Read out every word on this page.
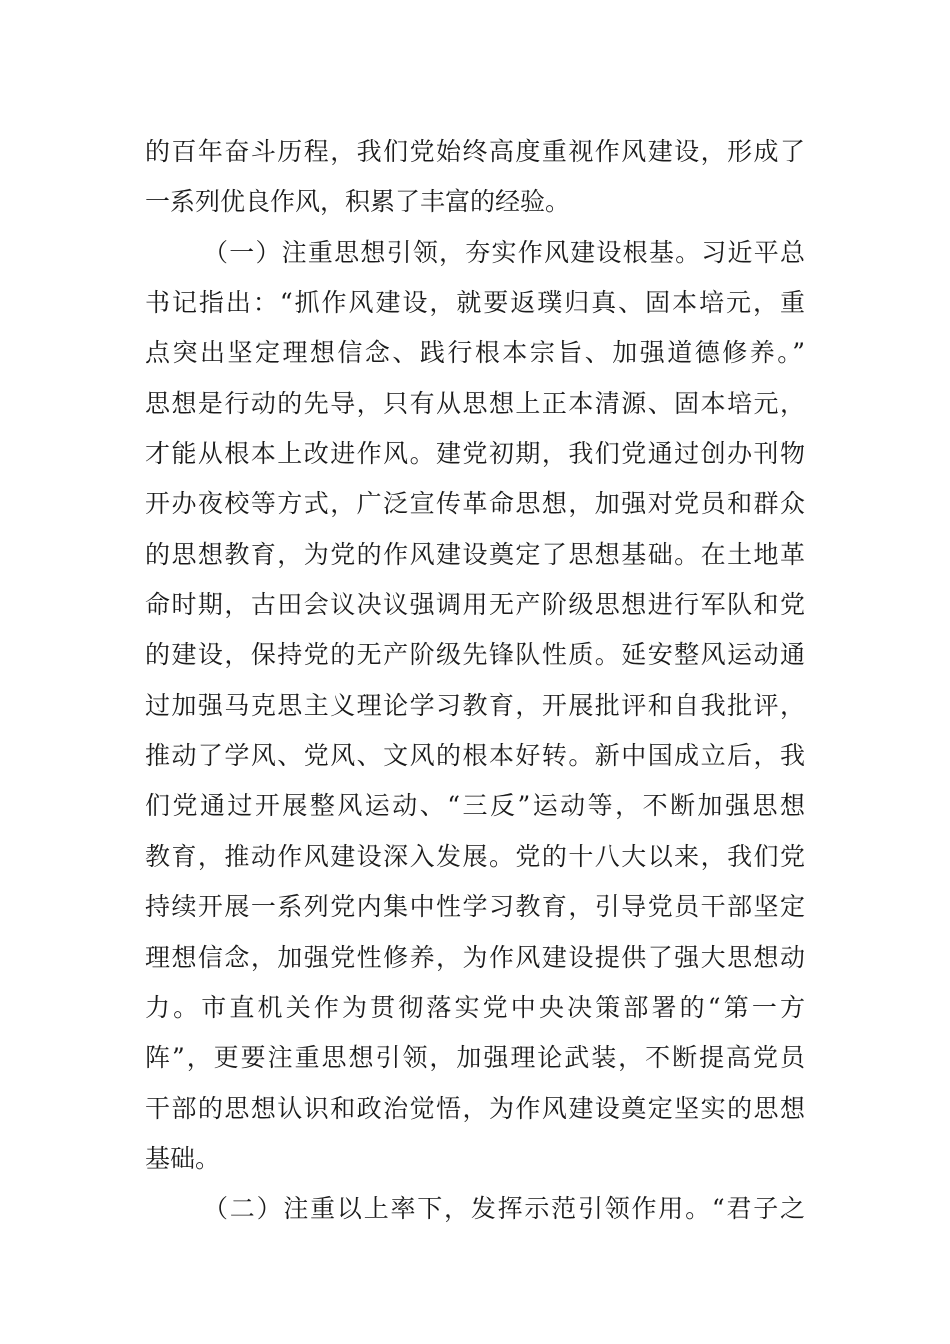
的百年奋斗历程，我们党始终高度重视作风建设，形成了
一系列优良作风，积累了丰富的经验。
（一）注重思想引领，夯实作风建设根基。习近平总
书记指出：“抓作风建设，就要返璞归真、固本培元，重
点突出坚定理想信念、践行根本宗旨、加强道德修养。”
思想是行动的先导，只有从思想上正本清源、固本培元，
才能从根本上改进作风。建党初期，我们党通过创办刊物
开办夜校等方式，广泛宣传革命思想，加强对党员和群众
的思想教育，为党的作风建设奠定了思想基础。在土地革
命时期，古田会议决议强调用无产阶级思想进行军队和党
的建设，保持党的无产阶级先锋队性质。延安整风运动通
过加强马克思主义理论学习教育，开展批评和自我批评，
推动了学风、党风、文风的根本好转。新中国成立后，我
们党通过开展整风运动、“三反”运动等，不断加强思想
教育，推动作风建设深入发展。党的十八大以来，我们党
持续开展一系列党内集中性学习教育，引导党员干部坚定
理想信念，加强党性修养，为作风建设提供了强大思想动
力。市直机关作为贯彻落实党中央决策部署的“第一方
阵”，更要注重思想引领，加强理论武装，不断提高党员
干部的思想认识和政治觉悟，为作风建设奠定坚实的思想
基础。
（二）注重以上率下，发挥示范引领作用。“君子之
